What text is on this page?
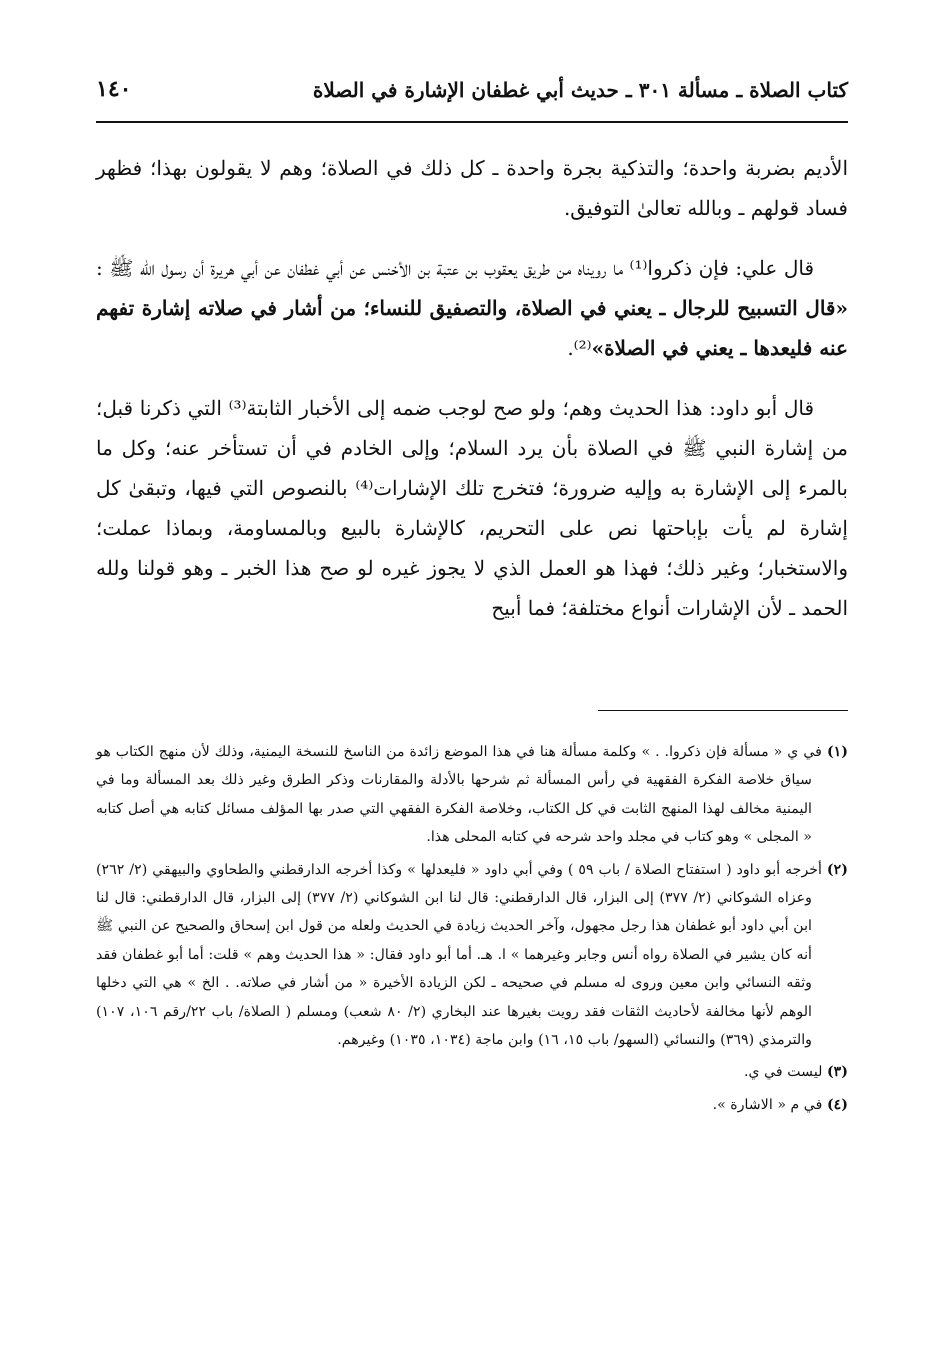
كتاب الصلاة ـ مسألة ٣٠١ ـ حديث أبي غطفان الإشارة في الصلاة
١٤٠

الأديم بضربة واحدة؛ والتذكية بجرة واحدة ـ كل ذلك في الصلاة؛ وهم لا يقولون بهذا؛ فظهر فساد قولهم ـ وبالله تعالىٰ التوفيق.

قال علي: فإن ذكروا⁽¹⁾ ما رويناه من طريق يعقوب بن عتبة بن الأخنس عن أبي غطفان عن أبي هريرة أن رسول الله ﷺ : «قال التسبيح للرجال ـ يعني في الصلاة، والتصفيق للنساء؛ من أشار في صلاته إشارة تفهم عنه فليعدها ـ يعني في الصلاة»⁽²⁾.

قال أبو داود: هذا الحديث وهم؛ ولو صح لوجب ضمه إلى الأخبار الثابتة⁽³⁾ التي ذكرنا قبل؛ من إشارة النبي ﷺ في الصلاة بأن يرد السلام؛ وإلى الخادم في أن تستأخر عنه؛ وكل ما بالمرء إلى الإشارة به وإليه ضرورة؛ فتخرج تلك الإشارات⁽⁴⁾ بالنصوص التي فيها، وتبقىٰ كل إشارة لم يأت بإباحتها نص على التحريم، كالإشارة بالبيع وبالمساومة، وبماذا عملت؛ والاستخبار؛ وغير ذلك؛ فهذا هو العمل الذي لا يجوز غيره لو صح هذا الخبر ـ وهو قولنا ولله الحمد ـ لأن الإشارات أنواع مختلفة؛ فما أبيح

(١) في ي « مسألة فإن ذكروا. . » وكلمة مسألة هنا في هذا الموضع زائدة من الناسخ للنسخة اليمنية، وذلك لأن منهج الكتاب هو سياق خلاصة الفكرة الفقهية في رأس المسألة ثم شرحها بالأدلة والمقارنات وذكر الطرق وغير ذلك بعد المسألة وما في اليمنية مخالف لهذا المنهج الثابت في كل الكتاب، وخلاصة الفكرة الفقهي التي صدر بها المؤلف مسائل كتابه هي أصل كتابه « المجلى » وهو كتاب في مجلد واحد شرحه في كتابه المحلى هذا.
(٢) أخرجه أبو داود ( استفتاح الصلاة / باب ٥٩ ) وفي أبي داود « فليعدلها » وكذا أخرجه الدارقطني والطحاوي والبيهقي (٢/ ٢٦٢) وعزاه الشوكاني (٢/ ٣٧٧) إلى البزار، قال الدارقطني: قال لنا ابن الشوكاني (٢/ ٣٧٧) إلى البزار، قال الدارقطني: قال لنا ابن أبي داود أبو غطفان هذا رجل مجهول، وآخر الحديث زيادة في الحديث ولعله من قول ابن إسحاق والصحيح عن النبي ﷺ أنه كان يشير في الصلاة رواه أنس وجابر وغيرهما » ا. هـ. أما أبو داود فقال: « هذا الحديث وهم » قلت: أما أبو غطفان فقد وثقه النسائي وابن معين وروى له مسلم في صحيحه ـ لكن الزيادة الأخيرة « من أشار في صلاته. . الخ » هي التي دخلها الوهم لأنها مخالفة لأحاديث الثقات فقد رويت بغيرها عند البخاري (٢/ ٨٠ شعب) ومسلم ( الصلاة/ باب ٢٢/رقم ١٠٦، ١٠٧) والترمذي (٣٦٩) والنسائي (السهو/ باب ١٥، ١٦) وابن ماجة (١٠٣٤، ١٠٣٥) وغيرهم.
(٣) ليست في ي.
(٤) في م « الاشارة ».
